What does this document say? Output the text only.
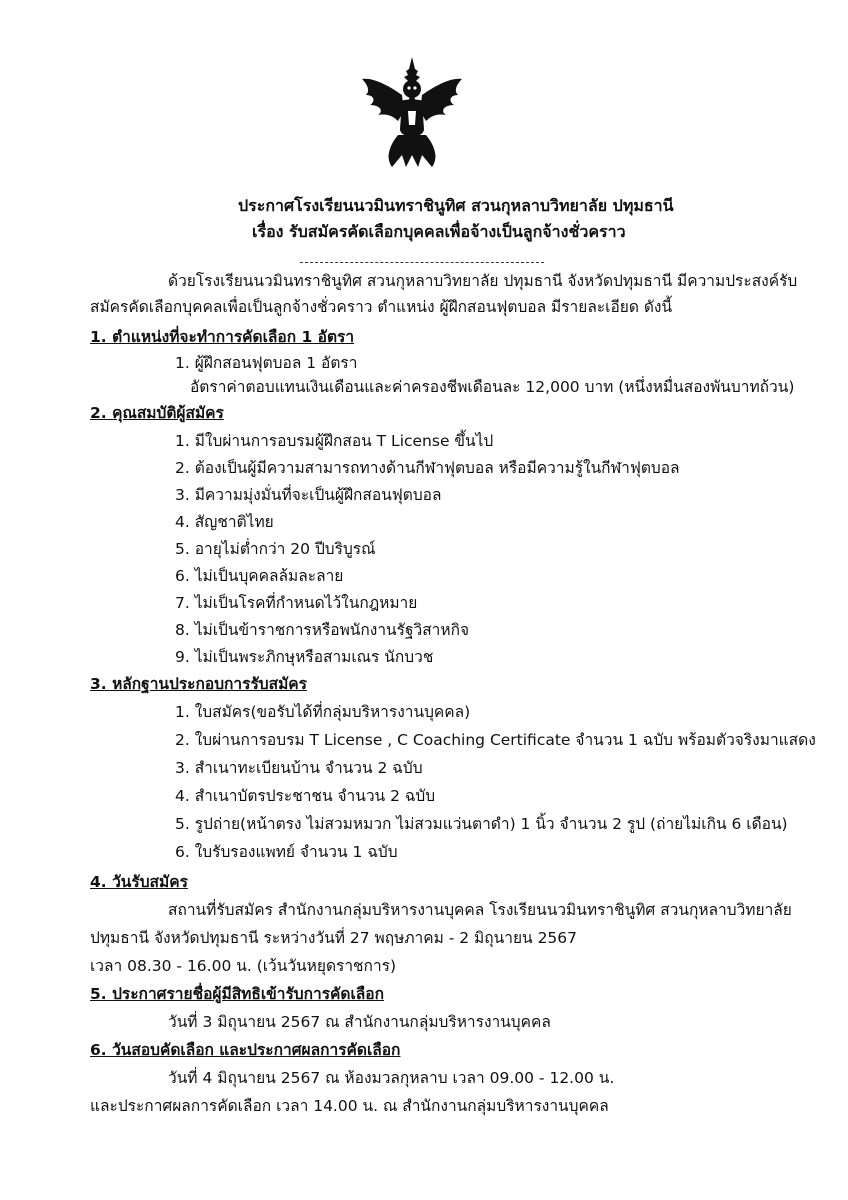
ประกาศโรงเรียนนวมินทราชินูทิศ สวนกุหลาบวิทยาลัย ปทุมธานี
เรื่อง รับสมัครคัดเลือกบุคคลเพื่อจ้างเป็นลูกจ้างชั่วคราว
ด้วยโรงเรียนนวมินทราชินูทิศ สวนกุหลาบวิทยาลัย ปทุมธานี จังหวัดปทุมธานี มีความประสงค์รับ
สมัครคัดเลือกบุคคลเพื่อเป็นลูกจ้างชั่วคราว ตำแหน่ง ผู้ฝึกสอนฟุตบอล มีรายละเอียด ดังนี้
1. ตำแหน่งที่จะทำการคัดเลือก 1 อัตรา
1. ผู้ฝึกสอนฟุตบอล 1 อัตรา
อัตราค่าตอบแทนเงินเดือนและค่าครองชีพเดือนละ 12,000 บาท (หนึ่งหมื่นสองพันบาทถ้วน)
2. คุณสมบัติผู้สมัคร
1. มีใบผ่านการอบรมผู้ฝึกสอน T License ขึ้นไป
2. ต้องเป็นผู้มีความสามารถทางด้านกีฬาฟุตบอล หรือมีความรู้ในกีฬาฟุตบอล
3. มีความมุ่งมั่นที่จะเป็นผู้ฝึกสอนฟุตบอล
4. สัญชาติไทย
5. อายุไม่ต่ำกว่า 20 ปีบริบูรณ์
6. ไม่เป็นบุคคลล้มละลาย
7. ไม่เป็นโรคที่กำหนดไว้ในกฎหมาย
8. ไม่เป็นข้าราชการหรือพนักงานรัฐวิสาหกิจ
9. ไม่เป็นพระภิกษุหรือสามเณร นักบวช
3. หลักฐานประกอบการรับสมัคร
1. ใบสมัคร(ขอรับได้ที่กลุ่มบริหารงานบุคคล)
2. ใบผ่านการอบรม T License , C Coaching Certificate จำนวน 1 ฉบับ พร้อมตัวจริงมาแสดง
3. สำเนาทะเบียนบ้าน จำนวน 2 ฉบับ
4. สำเนาบัตรประชาชน จำนวน 2 ฉบับ
5. รูปถ่าย(หน้าตรง ไม่สวมหมวก ไม่สวมแว่นตาดำ) 1 นิ้ว จำนวน 2 รูป (ถ่ายไม่เกิน 6 เดือน)
6. ใบรับรองแพทย์ จำนวน 1 ฉบับ
4. วันรับสมัคร
สถานที่รับสมัคร สำนักงานกลุ่มบริหารงานบุคคล โรงเรียนนวมินทราชินูทิศ สวนกุหลาบวิทยาลัย
ปทุมธานี จังหวัดปทุมธานี ระหว่างวันที่ 27 พฤษภาคม - 2 มิถุนายน 2567
เวลา 08.30 - 16.00 น. (เว้นวันหยุดราชการ)
5. ประกาศรายชื่อผู้มีสิทธิเข้ารับการคัดเลือก
วันที่ 3 มิถุนายน 2567 ณ สำนักงานกลุ่มบริหารงานบุคคล
6. วันสอบคัดเลือก และประกาศผลการคัดเลือก
วันที่ 4 มิถุนายน 2567 ณ ห้องมวลกุหลาบ เวลา 09.00 - 12.00 น.
และประกาศผลการคัดเลือก เวลา 14.00 น. ณ สำนักงานกลุ่มบริหารงานบุคคล
